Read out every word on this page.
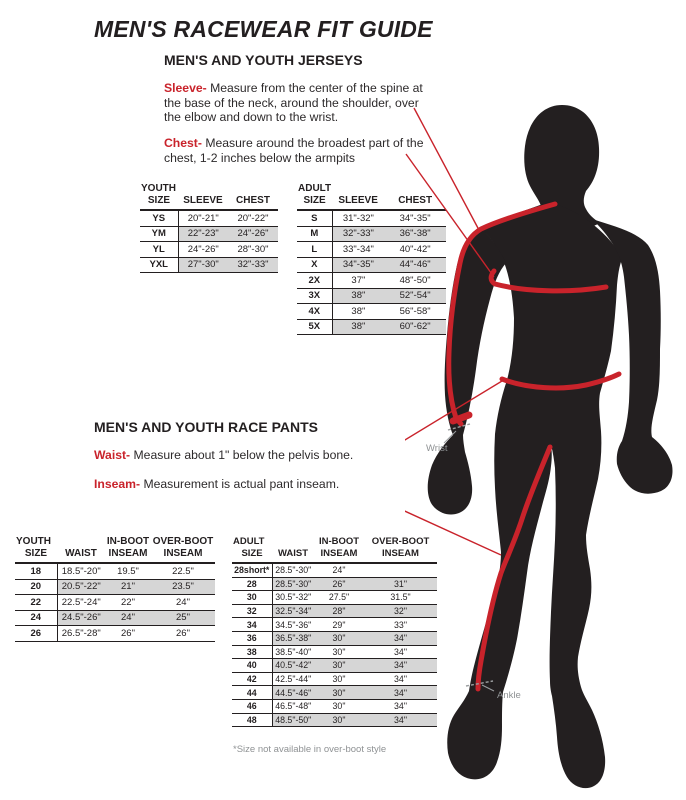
MEN'S RACEWEAR FIT GUIDE
MEN'S AND YOUTH JERSEYS

Sleeve- Measure from the center of the spine at the base of the neck, around the shoulder, over the elbow and down to the wrist.

Chest- Measure around the broadest part of the chest, 1-2 inches below the armpits

YOUTH
SIZE	SLEEVE	CHEST

YS	20"-21"	20"-22"
YM	22"-23"	24"-26"
YL	24"-26"	28"-30"
YXL	27"-30"	32"-33"
ADULT
SIZE	SLEEVE	CHEST

S	31"-32"	34"-35"
M	32"-33"	36"-38"
L	33"-34"	40"-42"
X	34"-35"	44"-46"
2X	37"	48"-50"
3X	38"	52"-54"
4X	38"	56"-58"
5X	38"	60"-62"
MEN'S AND YOUTH RACE PANTS

Waist- Measure about 1" below the pelvis bone.

Inseam- Measurement is actual pant inseam.

YOUTH
SIZE	WAIST

IN-BOOT
INSEAM

OVER-BOOT
INSEAM

18	18.5"-20"	19.5"	22.5"
20	20.5"-22"	21"	23.5"
22	22.5"-24"	22"	24"
24	24.5"-26"	24"	25"
26	26.5"-28"	26"	26"
ADULT
SIZE	WAIST

IN-BOOT
INSEAM

OVER-BOOT
INSEAM

28short*	28.5"-30"	24"	
28	28.5"-30"	26"	31"
30	30.5"-32"	27.5"	31.5"
32	32.5"-34"	28"	32"
34	34.5"-36"	29"	33"
36	36.5"-38"	30"	34"
38	38.5"-40"	30"	34"
40	40.5"-42"	30"	34"
42	42.5"-44"	30"	34"
44	44.5"-46"	30"	34"
46	46.5"-48"	30"	34"
48	48.5"-50"	30"	34"
*Size not available in over-boot style
Wrist
Ankle
